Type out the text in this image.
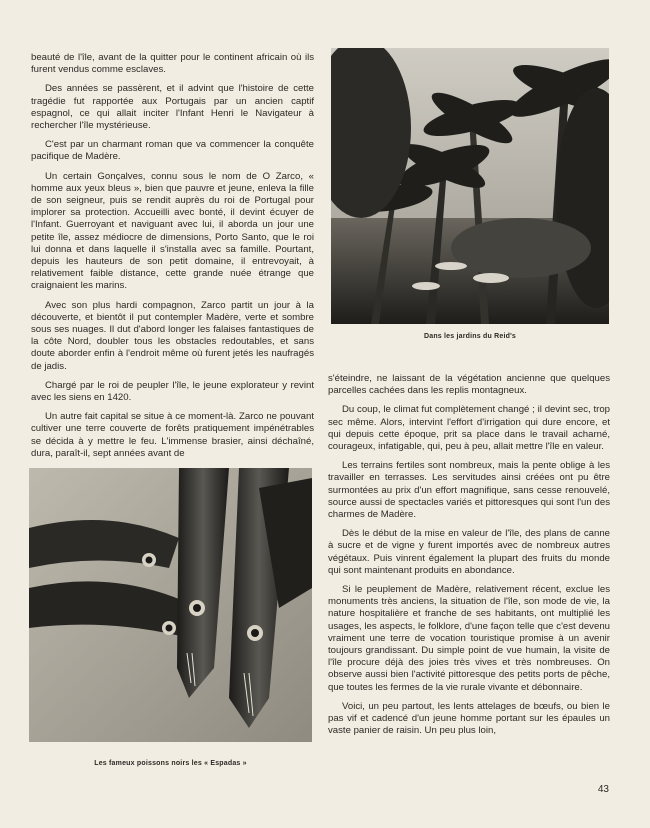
beauté de l'île, avant de la quitter pour le continent africain où ils furent vendus comme esclaves.

Des années se passèrent, et il advint que l'histoire de cette tragédie fut rapportée aux Portugais par un ancien captif espagnol, ce qui allait inciter l'Infant Henri le Navigateur à rechercher l'île mystérieuse.

C'est par un charmant roman que va commencer la conquête pacifique de Madère.

Un certain Gonçalves, connu sous le nom de O Zarco, « homme aux yeux bleus », bien que pauvre et jeune, enleva la fille de son seigneur, puis se rendit auprès du roi de Portugal pour implorer sa protection. Accueilli avec bonté, il devint écuyer de l'Infant. Guerroyant et naviguant avec lui, il aborda un jour une petite île, assez médiocre de dimensions, Porto Santo, que le roi lui donna et dans laquelle il s'installa avec sa famille. Pourtant, depuis les hauteurs de son petit domaine, il entrevoyait, à relativement faible distance, cette grande nuée étrange que craignaient les marins.

Avec son plus hardi compagnon, Zarco partit un jour à la découverte, et bientôt il put contempler Madère, verte et sombre sous ses nuages. Il dut d'abord longer les falaises fantastiques de la côte Nord, doubler tous les obstacles redoutables, et sans doute aborder enfin à l'endroit même où furent jetés les naufragés de jadis.

Chargé par le roi de peupler l'île, le jeune explorateur y revint avec les siens en 1420.

Un autre fait capital se situe à ce moment-là. Zarco ne pouvant cultiver une terre couverte de forêts pratiquement impénétrables se décida à y mettre le feu. L'immense brasier, ainsi déchaîné, dura, paraît-il, sept années avant de

Dans les jardins du Reid's

s'éteindre, ne laissant de la végétation ancienne que quelques parcelles cachées dans les replis montagneux.

Du coup, le climat fut complètement changé ; il devint sec, trop sec même. Alors, intervint l'effort d'irrigation qui dure encore, et qui depuis cette époque, prit sa place dans le travail acharné, courageux, infatigable, qui, peu à peu, allait mettre l'île en valeur.

Les terrains fertiles sont nombreux, mais la pente oblige à les travailler en terrasses. Les servitudes ainsi créées ont pu être surmontées au prix d'un effort magnifique, sans cesse renouvelé, source aussi de spectacles variés et pittoresques qui sont l'un des charmes de Madère.

Dès le début de la mise en valeur de l'île, des plans de canne à sucre et de vigne y furent importés avec de nombreux autres végétaux. Puis vinrent également la plupart des fruits du monde qui sont maintenant produits en abondance.

Si le peuplement de Madère, relativement récent, exclue les monuments très anciens, la situation de l'île, son mode de vie, la nature hospitalière et franche de ses habitants, ont multiplié les usages, les aspects, le folklore, d'une façon telle que c'est devenu vraiment une terre de vocation touristique promise à un avenir toujours grandissant. Du simple point de vue humain, la visite de l'île procure déjà des joies très vives et très nombreuses. On observe aussi bien l'activité pittoresque des petits ports de pêche, que toutes les fermes de la vie rurale vivante et débonnaire.

Voici, un peu partout, les lents attelages de bœufs, ou bien le pas vif et cadencé d'un jeune homme portant sur les épaules un vaste panier de raisin. Un peu plus loin,

Les fameux poissons noirs les « Espadas »
43
